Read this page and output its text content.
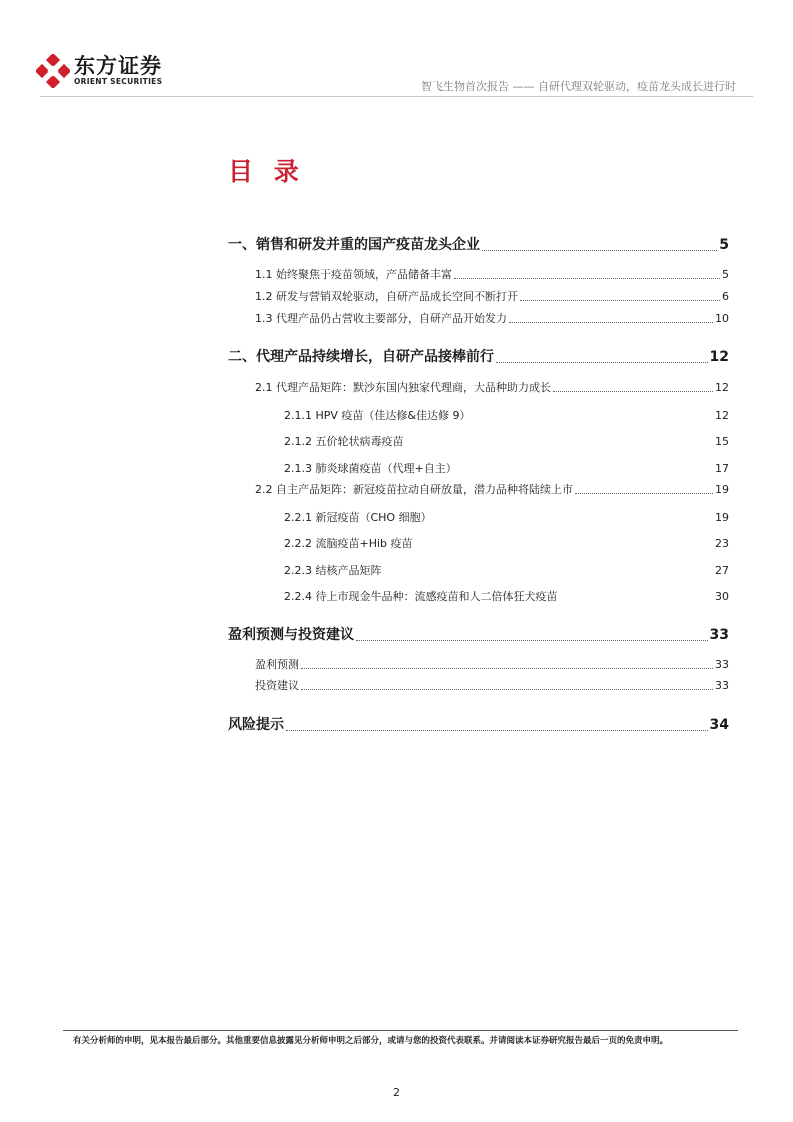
东方证券
ORIENT SECURITIES	智飞生物首次报告 —— 自研代理双轮驱动，疫苗龙头成长进行时
目 录
一、销售和研发并重的国产疫苗龙头企业	5
1.1 始终聚焦于疫苗领域，产品储备丰富	5
1.2 研发与营销双轮驱动，自研产品成长空间不断打开	6
1.3 代理产品仍占营收主要部分，自研产品开始发力	10
二、代理产品持续增长，自研产品接棒前行	12
2.1 代理产品矩阵：默沙东国内独家代理商，大品种助力成长	12
2.1.1 HPV 疫苗（佳达修&佳达修 9）	12
2.1.2 五价轮状病毒疫苗	15
2.1.3 肺炎球菌疫苗（代理+自主）	17
2.2 自主产品矩阵：新冠疫苗拉动自研放量，潜力品种将陆续上市	19
2.2.1 新冠疫苗（CHO 细胞）	19
2.2.2 流脑疫苗+Hib 疫苗	23
2.2.3 结核产品矩阵	27
2.2.4 待上市现金牛品种：流感疫苗和人二倍体狂犬疫苗	30
盈利预测与投资建议	33
盈利预测	33
投资建议	33
风险提示	34
有关分析师的申明，见本报告最后部分。其他重要信息披露见分析师申明之后部分，或请与您的投资代表联系。并请阅读本证券研究报告最后一页的免责申明。
2
